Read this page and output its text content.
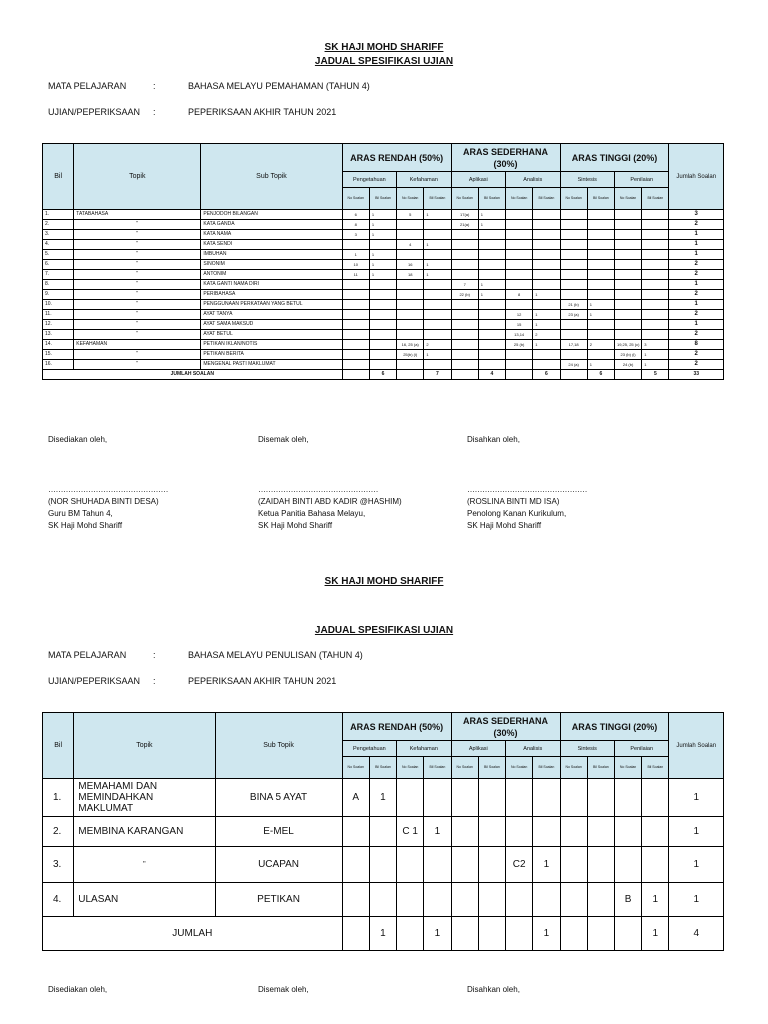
SK HAJI MOHD SHARIFF
JADUAL SPESIFIKASI UJIAN
MATA PELAJARAN	:	BAHASA MELAYU PEMAHAMAN (TAHUN 4)
UJIAN/PEPERIKSAAN :	PEPERIKSAAN AKHIR TAHUN 2021
Bil	Topik	Sub Topik	ARAS RENDAH (50%)				ARAS SEDERHANA (30%)				ARAS TINGGI (20%)				Jumlah Soalan
			Pengetahuan		Kefahaman		Aplikasi		Analisis		Sintesis		Penilaian		
			No Soalan	Bil Soalan	No Soalan	Bil Soalan	No Soalan	Bil Soalan	No Soalan	Bil Soalan	No Soalan	Bil Soalan	No Soalan	Bil Soalan	
1.	TATABAHASA	PENJODOH BILANGAN	6	1	5	1	17(a)	1							3
2.	"	KATA GANDA	8	1			21(a)	1							2
3.	"	KATA NAMA	3	1											1
4.	"	KATA SENDI			4	1									1
5.	"	IMBUHAN	1	1											1
6.	"	SINONIM	10	1	16	1									2
7.	"	ANTONIM	11	1	18	1									2
8.	"	KATA GANTI NAMA DIRI					7	1							1
9.	"	PERIBAHASA					22 (b)	1	8	1					2
10.	"	PENGGUNAAN PERKATAAN YANG BETUL									21 (b)	1			1
11.	"	AYAT TANYA							12	1	23 (a)	1			2
12.	"	AYAT SAMA MAKSUD							15	1					1
13.	"	AYAT BETUL							13,14	2					2
14.	KEFAHAMAN	PETIKAN IKLAN/NOTIS			16, 25 (a)	2			25 (b)	1	17,18	2	19,25, 25 (c)	3	8
15.	"	PETIKAN BERITA			25(b) (i)	1							23 (b) (i)	1	2
16.	"	MENGENAL PASTI MAKLUMAT									24 (a)	1	24 (b)	1	2
JUMLAH SOALAN				6		7		4		6		6		5	33
Disediakan oleh,
…………………………………………
(NOR SHUHADA BINTI DESA)
Guru BM Tahun 4,
SK Haji Mohd Shariff
Disemak oleh,
…………………………………………
(ZAIDAH BINTI ABD KADIR @HASHIM)
Ketua Panitia Bahasa Melayu,
SK Haji Mohd Shariff
Disahkan oleh,
…………………………………………
(ROSLINA BINTI MD ISA)
Penolong Kanan Kurikulum,
SK Haji Mohd Shariff
SK HAJI MOHD SHARIFF
JADUAL SPESIFIKASI UJIAN
MATA PELAJARAN	:	BAHASA MELAYU PENULISAN (TAHUN 4)
UJIAN/PEPERIKSAAN :	PEPERIKSAAN AKHIR TAHUN 2021
Bil	Topik	Sub Topik	ARAS RENDAH (50%)				ARAS SEDERHANA (30%)				ARAS TINGGI (20%)				Jumlah Soalan
			Pengetahuan		Kefahaman		Aplikasi		Analisis		Sintesis		Penilaian		
			No Soalan	Bil Soalan	No Soalan	Bil Soalan	No Soalan	Bil Soalan	No Soalan	Bil Soalan	No Soalan	Bil Soalan	No Soalan	Bil Soalan	
1.	MEMAHAMI DAN MEMINDAHKAN MAKLUMAT	BINA 5 AYAT	A	1											1
2.	MEMBINA KARANGAN	E-MEL			C 1	1									1
3.	"	UCAPAN							C2	1					1
4.	ULASAN	PETIKAN											B	1	1
JUMLAH				1		1				1				1	4
Disediakan oleh,	Disemak oleh,	Disahkan oleh,
